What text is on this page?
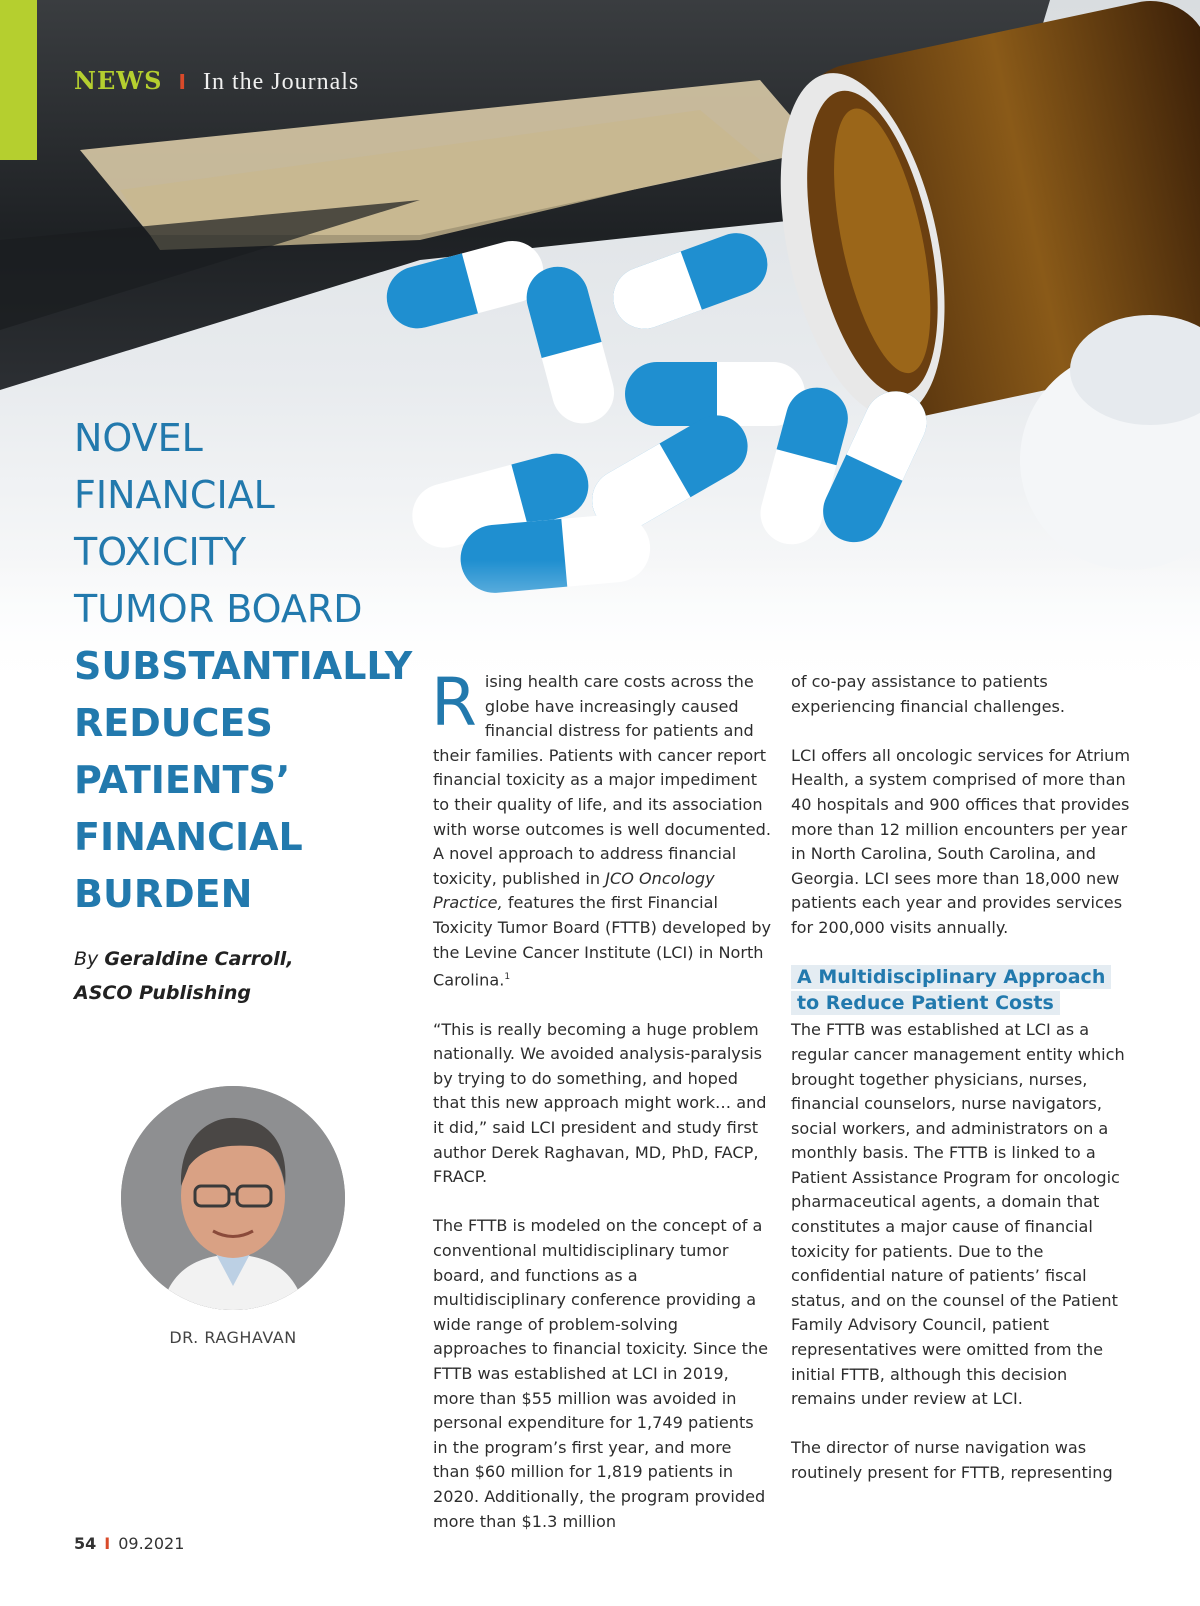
NEWS I In the Journals
NOVEL
FINANCIAL
TOXICITY
TUMOR BOARD
SUBSTANTIALLY
REDUCES
PATIENTS’
FINANCIAL
BURDEN
By Geraldine Carroll,
ASCO Publishing
DR. RAGHAVAN

Rising health care costs across the globe have increasingly caused financial distress for patients and their families. Patients with cancer report financial toxicity as a major impediment to their quality of life, and its association with worse outcomes is well documented. A novel approach to address financial toxicity, published in JCO Oncology Practice, features the first Financial Toxicity Tumor Board (FTTB) developed by the Levine Cancer Institute (LCI) in North Carolina.$^1$

“This is really becoming a huge problem nationally. We avoided analysis-paralysis by trying to do something, and hoped that this new approach might work… and it did,” said LCI president and study first author Derek Raghavan, MD, PhD, FACP, FRACP.

The FTTB is modeled on the concept of a conventional multidisciplinary tumor board, and functions as a multidisciplinary conference providing a wide range of problem-solving approaches to financial toxicity. Since the FTTB was established at LCI in 2019, more than $55 million was avoided in personal expenditure for 1,749 patients in the program’s first year, and more than $60 million for 1,819 patients in 2020. Additionally, the program provided more than $1.3 million

of co-pay assistance to patients experiencing financial challenges.

LCI offers all oncologic services for Atrium Health, a system comprised of more than 40 hospitals and 900 offices that provides more than 12 million encounters per year in North Carolina, South Carolina, and Georgia. LCI sees more than 18,000 new patients each year and provides services for 200,000 visits annually.

A Multidisciplinary Approach
to Reduce Patient Costs

The FTTB was established at LCI as a regular cancer management entity which brought together physicians, nurses, financial counselors, nurse navigators, social workers, and administrators on a monthly basis. The FTTB is linked to a Patient Assistance Program for oncologic pharmaceutical agents, a domain that constitutes a major cause of financial toxicity for patients. Due to the confidential nature of patients’ fiscal status, and on the counsel of the Patient Family Advisory Council, patient representatives were omitted from the initial FTTB, although this decision remains under review at LCI.

The director of nurse navigation was routinely present for FTTB, representing

54 I 09.2021
